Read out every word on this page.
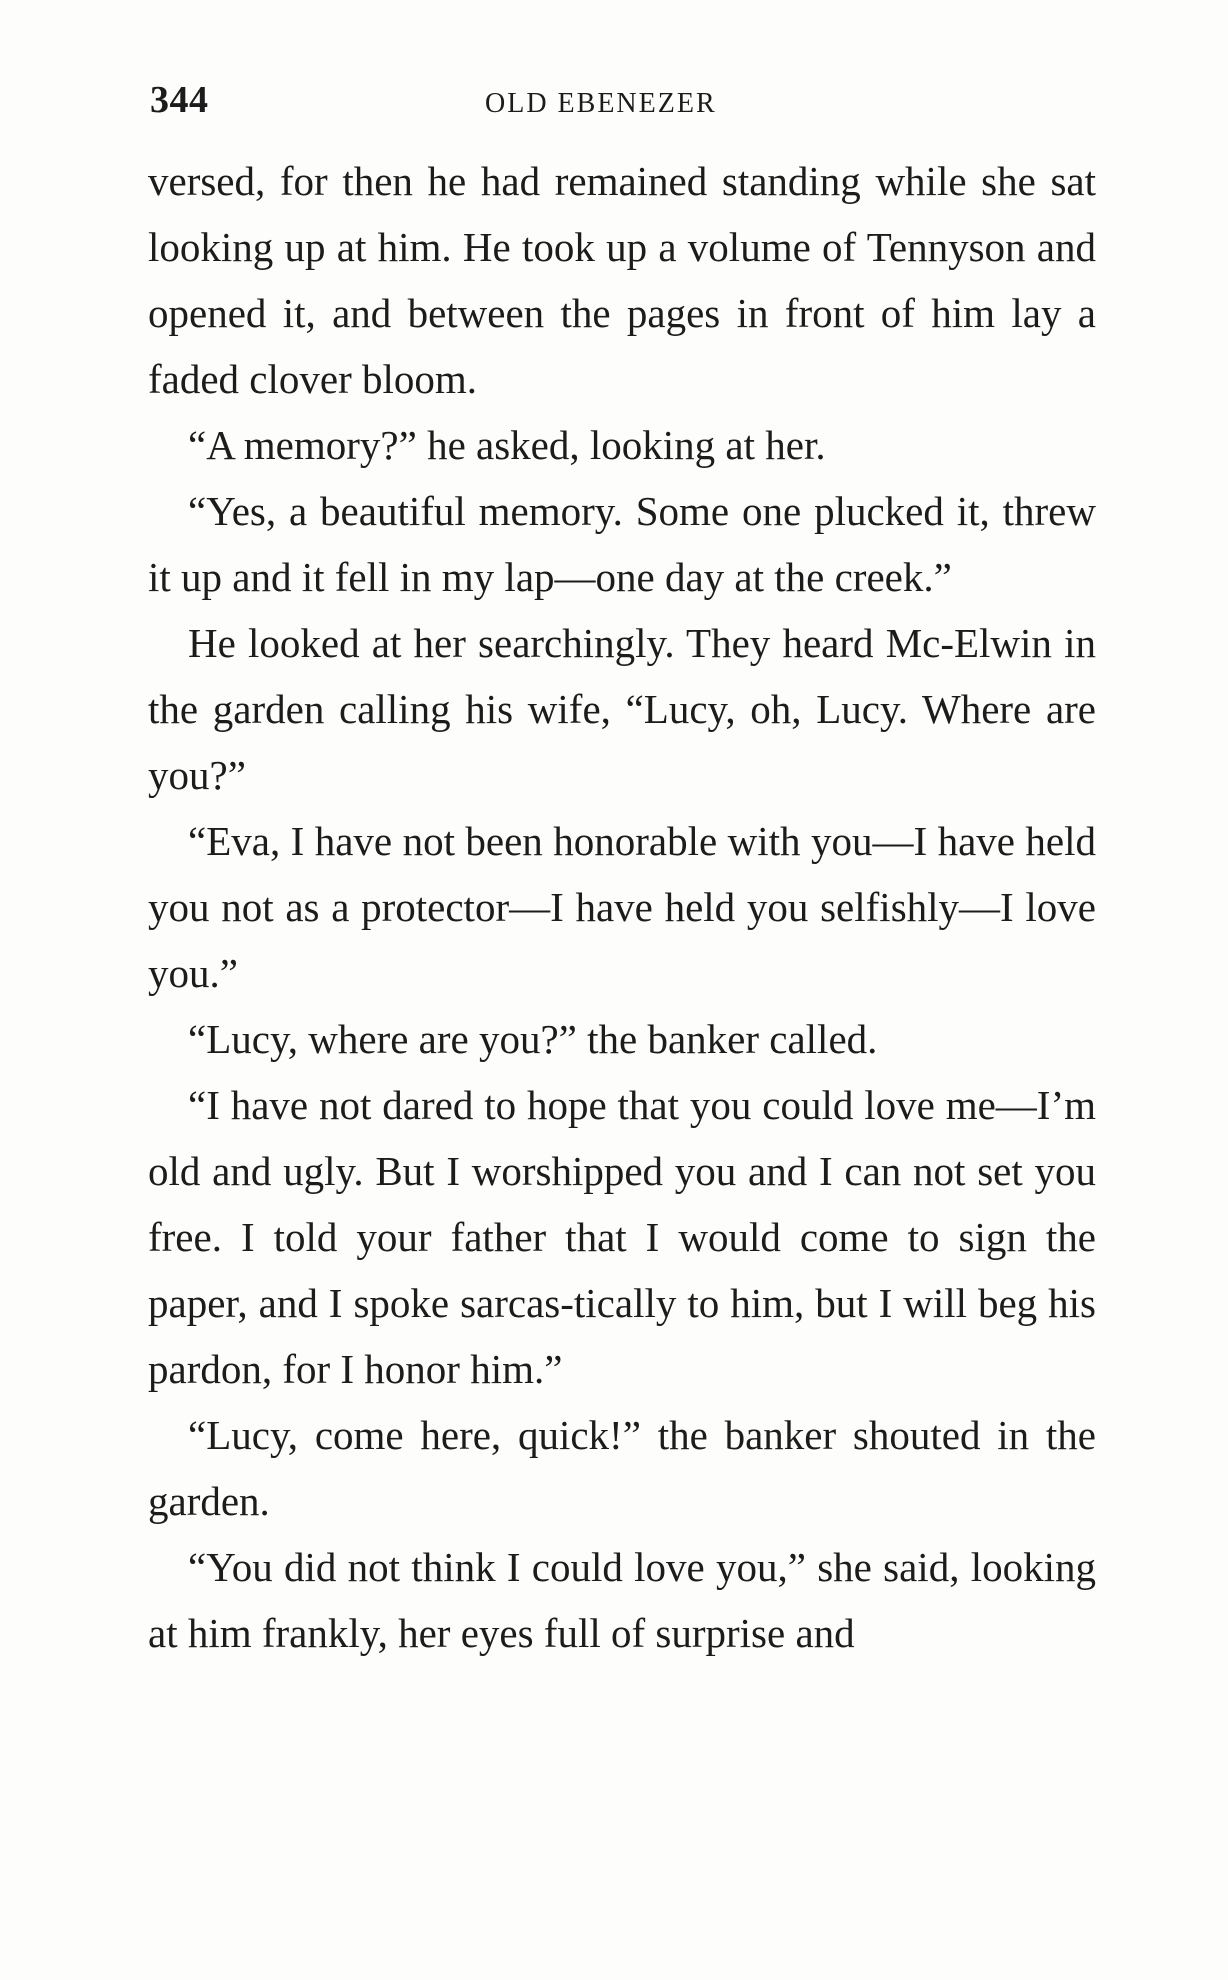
344	OLD EBENEZER

versed, for then he had remained standing while she sat looking up at him. He took up a volume of Tennyson and opened it, and between the pages in front of him lay a faded clover bloom.

“A memory?” he asked, looking at her.

“Yes, a beautiful memory. Some one plucked it, threw it up and it fell in my lap—one day at the creek.”

He looked at her searchingly. They heard Mc-Elwin in the garden calling his wife, “Lucy, oh, Lucy. Where are you?”

“Eva, I have not been honorable with you—I have held you not as a protector—I have held you selfishly—I love you.”

“Lucy, where are you?” the banker called.

“I have not dared to hope that you could love me—I’m old and ugly. But I worshipped you and I can not set you free. I told your father that I would come to sign the paper, and I spoke sarcas-tically to him, but I will beg his pardon, for I honor him.”

“Lucy, come here, quick!” the banker shouted in the garden.

“You did not think I could love you,” she said, looking at him frankly, her eyes full of surprise and
